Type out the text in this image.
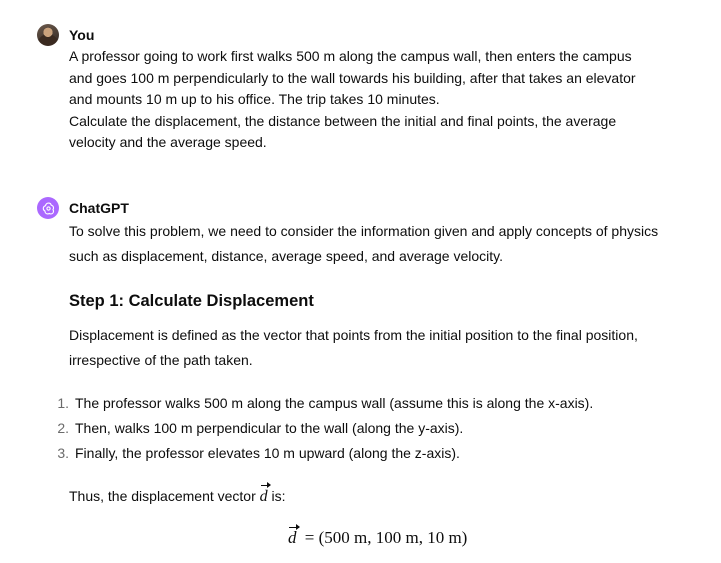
You
A professor going to work first walks 500 m along the campus wall, then enters the campus
and goes 100 m perpendicularly to the wall towards his building, after that takes an elevator
and mounts 10 m up to his office. The trip takes 10 minutes.
Calculate the displacement, the distance between the initial and final points, the average
velocity and the average speed.
ChatGPT
To solve this problem, we need to consider the information given and apply concepts of physics
such as displacement, distance, average speed, and average velocity.
Step 1: Calculate Displacement
Displacement is defined as the vector that points from the initial position to the final position,
irrespective of the path taken.
1. The professor walks 500 m along the campus wall (assume this is along the x-axis).
2. Then, walks 100 m perpendicular to the wall (along the y-axis).
3. Finally, the professor elevates 10 m upward (along the z-axis).
Thus, the displacement vector d is:
d = (500 m, 100 m, 10 m)
